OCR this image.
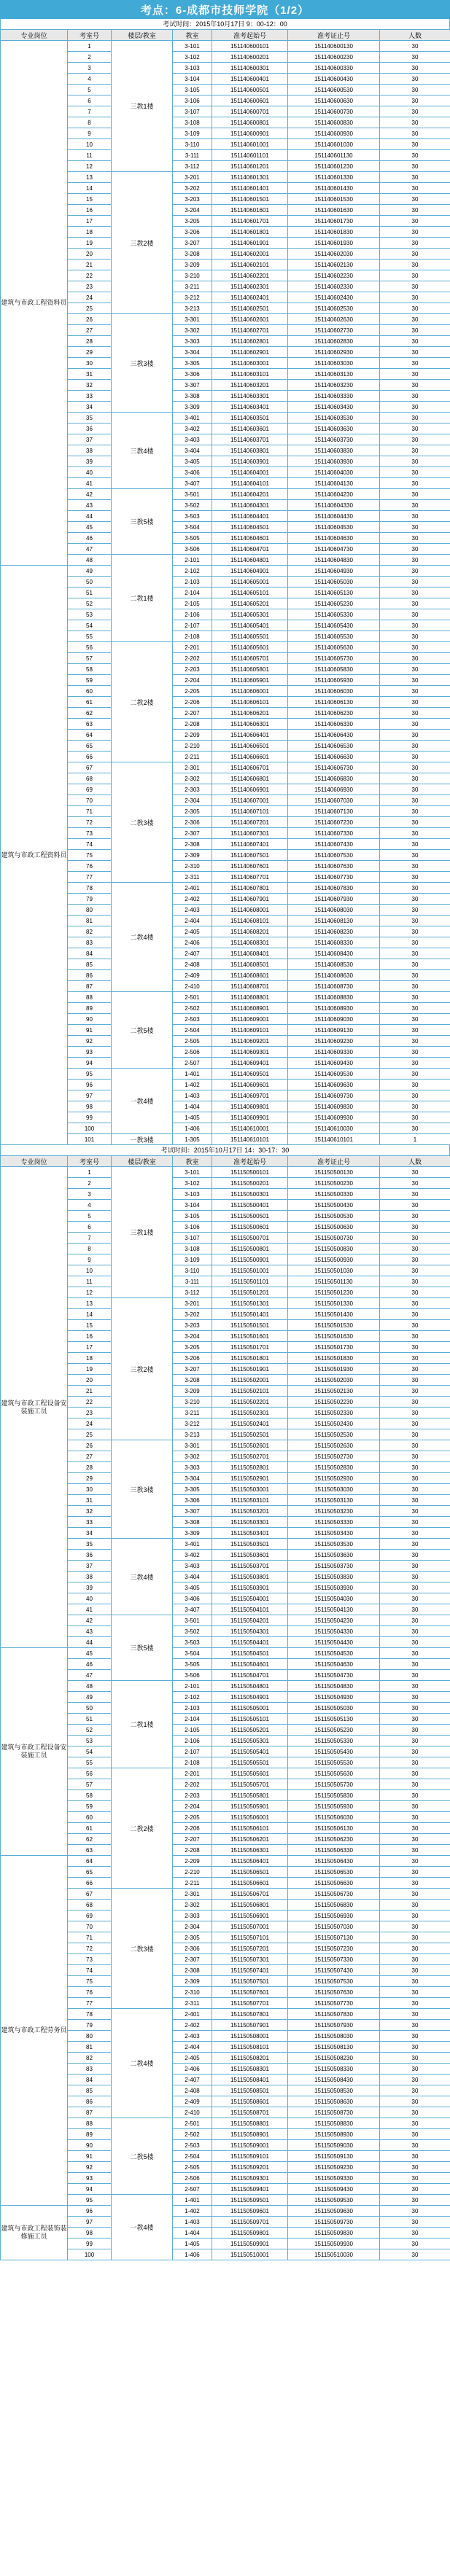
考点：6-成都市技师学院（1/2）
考试时间：2015年10月17日 9：00-12：00
专业岗位	考室号	楼层/教室	教室	准考起始号	准考证止号	人数
建筑与市政工程资料员	1	三教1楼	3-101	151140600101	151140600130	30
	2		3-102	151140600201	151140600230	30
	3		3-103	151140600301	151140600330	30
	4		3-104	151140600401	151140600430	30
	5		3-105	151140600501	151140600530	30
	6		3-106	151140600601	151140600630	30
	7		3-107	151140600701	151140600730	30
	8		3-108	151140600801	151140600830	30
	9		3-109	151140600901	151140600930	30
	10		3-110	151140601001	151140601030	30
	11		3-111	151140601101	151140601130	30
	12		3-112	151140601201	151140601230	30
	13	三教2楼	3-201	151140601301	151140601330	30
	14		3-202	151140601401	151140601430	30
	15		3-203	151140601501	151140601530	30
	16		3-204	151140601601	151140601630	30
	17		3-205	151140601701	151140601730	30
	18		3-206	151140601801	151140601830	30
	19		3-207	151140601901	151140601930	30
	20		3-208	151140602001	151140602030	30
	21		3-209	151140602101	151140602130	30
	22		3-210	151140602201	151140602230	30
	23		3-211	151140602301	151140602330	30
	24		3-212	151140602401	151140602430	30
	25		3-213	151140602501	151140602530	30
	26	三教3楼	3-301	151140602601	151140602630	30
	27		3-302	151140602701	151140602730	30
	28		3-303	151140602801	151140602830	30
	29		3-304	151140602901	151140602930	30
	30		3-305	151140603001	151140603030	30
	31		3-306	151140603101	151140603130	30
	32		3-307	151140603201	151140603230	30
	33		3-308	151140603301	151140603330	30
	34		3-309	151140603401	151140603430	30
	35	三教4楼	3-401	151140603501	151140603530	30
	36		3-402	151140603601	151140603630	30
	37		3-403	151140603701	151140603730	30
	38		3-404	151140603801	151140603830	30
	39		3-405	151140603901	151140603930	30
	40		3-406	151140604001	151140604030	30
	41		3-407	151140604101	151140604130	30
	42	三教5楼	3-501	151140604201	151140604230	30
	43		3-502	151140604301	151140604330	30
	44		3-503	151140604401	151140604430	30
	45		3-504	151140604501	151140604530	30
	46		3-505	151140604601	151140604630	30
	47		3-506	151140604701	151140604730	30
	48	二教1楼	2-101	151140604801	151140604830	30
建筑与市政工程资料员	49		2-102	151140604901	151140604930	30
	50		2-103	151140605001	151140605030	30
	51		2-104	151140605101	151140605130	30
	52		2-105	151140605201	151140605230	30
	53		2-106	151140605301	151140605330	30
	54		2-107	151140605401	151140605430	30
	55		2-108	151140605501	151140605530	30
	56	二教2楼	2-201	151140605601	151140605630	30
	57		2-202	151140605701	151140605730	30
	58		2-203	151140605801	151140605830	30
	59		2-204	151140605901	151140605930	30
	60		2-205	151140606001	151140606030	30
	61		2-206	151140606101	151140606130	30
	62		2-207	151140606201	151140606230	30
	63		2-208	151140606301	151140606330	30
	64		2-209	151140606401	151140606430	30
	65		2-210	151140606501	151140606530	30
	66		2-211	151140606601	151140606630	30
	67	二教3楼	2-301	151140606701	151140606730	30
	68		2-302	151140606801	151140606830	30
	69		2-303	151140606901	151140606930	30
	70		2-304	151140607001	151140607030	30
	71		2-305	151140607101	151140607130	30
	72		2-306	151140607201	151140607230	30
	73		2-307	151140607301	151140607330	30
	74		2-308	151140607401	151140607430	30
	75		2-309	151140607501	151140607530	30
	76		2-310	151140607601	151140607630	30
	77		2-311	151140607701	151140607730	30
	78	二教4楼	2-401	151140607801	151140607830	30
	79		2-402	151140607901	151140607930	30
	80		2-403	151140608001	151140608030	30
	81		2-404	151140608101	151140608130	30
	82		2-405	151140608201	151140608230	30
	83		2-406	151140608301	151140608330	30
	84		2-407	151140608401	151140608430	30
	85		2-408	151140608501	151140608530	30
	86		2-409	151140608601	151140608630	30
	87		2-410	151140608701	151140608730	30
	88	二教5楼	2-501	151140608801	151140608830	30
	89		2-502	151140608901	151140608930	30
	90		2-503	151140609001	151140609030	30
	91		2-504	151140609101	151140609130	30
	92		2-505	151140609201	151140609230	30
	93		2-506	151140609301	151140609330	30
	94		2-507	151140609401	151140609430	30
	95	一教4楼	1-401	151140609501	151140609530	30
	96		1-402	151140609601	151140609630	30
	97		1-403	151140609701	151140609730	30
	98		1-404	151140609801	151140609830	30
	99		1-405	151140609901	151140609930	30
	100		1-406	151140610001	151140610030	30
	101	一教3楼	1-305	151140610101	151140610101	1
考试时间：2015年10月17日 14：30-17：30
专业岗位	考室号	楼层/教室	教室	准考起始号	准考证止号	人数
建筑与市政工程设备安装施工员	1	三教1楼	3-101	151150500101	151150500130	30
	2		3-102	151150500201	151150500230	30
	3		3-103	151150500301	151150500330	30
	4		3-104	151150500401	151150500430	30
	5		3-105	151150500501	151150500530	30
	6		3-106	151150500601	151150500630	30
	7		3-107	151150500701	151150500730	30
	8		3-108	151150500801	151150500830	30
	9		3-109	151150500901	151150500930	30
	10		3-110	151150501001	151150501030	30
	11		3-111	151150501101	151150501130	30
	12		3-112	151150501201	151150501230	30
	13	三教2楼	3-201	151150501301	151150501330	30
	14		3-202	151150501401	151150501430	30
	15		3-203	151150501501	151150501530	30
	16		3-204	151150501601	151150501630	30
	17		3-205	151150501701	151150501730	30
	18		3-206	151150501801	151150501830	30
	19		3-207	151150501901	151150501930	30
	20		3-208	151150502001	151150502030	30
	21		3-209	151150502101	151150502130	30
	22		3-210	151150502201	151150502230	30
	23		3-211	151150502301	151150502330	30
	24		3-212	151150502401	151150502430	30
	25		3-213	151150502501	151150502530	30
	26	三教3楼	3-301	151150502601	151150502630	30
	27		3-302	151150502701	151150502730	30
	28		3-303	151150502801	151150502830	30
	29		3-304	151150502901	151150502930	30
	30		3-305	151150503001	151150503030	30
	31		3-306	151150503101	151150503130	30
	32		3-307	151150503201	151150503230	30
	33		3-308	151150503301	151150503330	30
	34		3-309	151150503401	151150503430	30
	35	三教4楼	3-401	151150503501	151150503530	30
	36		3-402	151150503601	151150503630	30
	37		3-403	151150503701	151150503730	30
	38		3-404	151150503801	151150503830	30
	39		3-405	151150503901	151150503930	30
	40		3-406	151150504001	151150504030	30
	41		3-407	151150504101	151150504130	30
	42	三教5楼	3-501	151150504201	151150504230	30
	43		3-502	151150504301	151150504330	30
	44		3-503	151150504401	151150504430	30
建筑与市政工程设备安装施工员	45		3-504	151150504501	151150504530	30
	46		3-505	151150504601	151150504630	30
	47		3-506	151150504701	151150504730	30
	48	二教1楼	2-101	151150504801	151150504830	30
	49		2-102	151150504901	151150504930	30
	50		2-103	151150505001	151150505030	30
	51		2-104	151150505101	151150505130	30
	52		2-105	151150505201	151150505230	30
	53		2-106	151150505301	151150505330	30
	54		2-107	151150505401	151150505430	30
	55		2-108	151150505501	151150505530	30
	56	二教2楼	2-201	151150505601	151150505630	30
	57		2-202	151150505701	151150505730	30
	58		2-203	151150505801	151150505830	30
	59		2-204	151150505901	151150505930	30
	60		2-205	151150506001	151150506030	30
	61		2-206	151150506101	151150506130	30
	62		2-207	151150506201	151150506230	30
	63		2-208	151150506301	151150506330	30
建筑与市政工程劳务员	64		2-209	151150506401	151150506430	30
	65		2-210	151150506501	151150506530	30
	66		2-211	151150506601	151150506630	30
	67	二教3楼	2-301	151150506701	151150506730	30
	68		2-302	151150506801	151150506830	30
	69		2-303	151150506901	151150506930	30
	70		2-304	151150507001	151150507030	30
	71		2-305	151150507101	151150507130	30
	72		2-306	151150507201	151150507230	30
	73		2-307	151150507301	151150507330	30
	74		2-308	151150507401	151150507430	30
	75		2-309	151150507501	151150507530	30
	76		2-310	151150507601	151150507630	30
	77		2-311	151150507701	151150507730	30
	78	二教4楼	2-401	151150507801	151150507830	30
	79		2-402	151150507901	151150507930	30
	80		2-403	151150508001	151150508030	30
	81		2-404	151150508101	151150508130	30
	82		2-405	151150508201	151150508230	30
	83		2-406	151150508301	151150508330	30
	84		2-407	151150508401	151150508430	30
	85		2-408	151150508501	151150508530	30
	86		2-409	151150508601	151150508630	30
	87		2-410	151150508701	151150508730	30
	88	二教5楼	2-501	151150508801	151150508830	30
	89		2-502	151150508901	151150508930	30
	90		2-503	151150509001	151150509030	30
	91		2-504	151150509101	151150509130	30
	92		2-505	151150509201	151150509230	30
	93		2-506	151150509301	151150509330	30
	94		2-507	151150509401	151150509430	30
	95	一教4楼	1-401	151150509501	151150509530	30
建筑与市政工程装饰装修施工员	96		1-402	151150509601	151150509630	30
	97		1-403	151150509701	151150509730	30
	98		1-404	151150509801	151150509830	30
	99		1-405	151150509901	151150509930	30
	100		1-406	151150510001	151150510030	30
